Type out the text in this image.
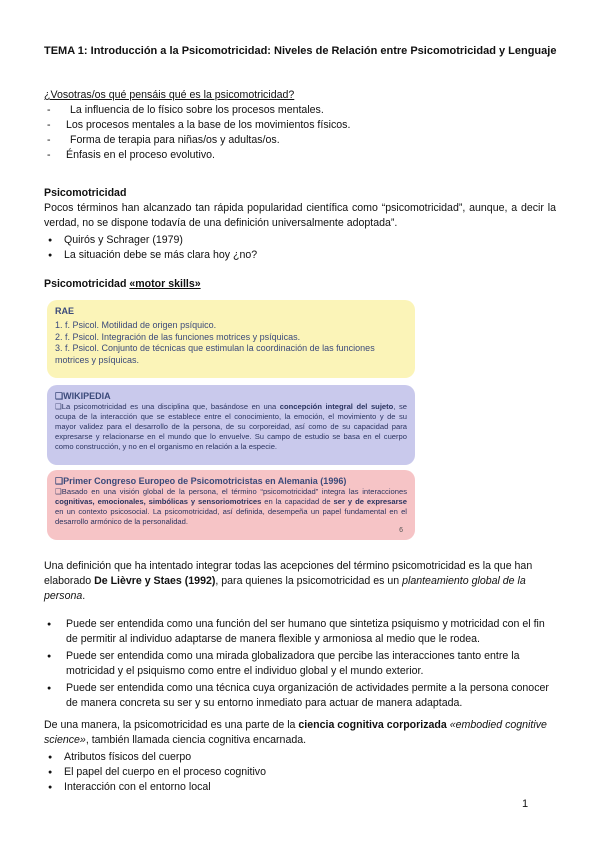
TEMA 1: Introducción a la Psicomotricidad: Niveles de Relación entre Psicomotricidad y Lenguaje
¿Vosotras/os qué pensáis qué es la psicomotricidad?
- La influencia de lo físico sobre los procesos mentales.
- Los procesos mentales a la base de los movimientos físicos.
- Forma de terapia para niñas/os y adultas/os.
- Énfasis en el proceso evolutivo.
Psicomotricidad
Pocos términos han alcanzado tan rápida popularidad científica como “psicomotricidad”, aunque, a decir la verdad, no se dispone todavía de una definición universalmente adoptada”.
● Quirós y Schrager (1979)
● La situación debe se más clara hoy ¿no?
Psicomotricidad «motor skills»
RAE
1. f. Psicol. Motilidad de origen psíquico.
2. f. Psicol. Integración de las funciones motrices y psíquicas.
3. f. Psicol. Conjunto de técnicas que estimulan la coordinación de las funciones motrices y psíquicas.
❑WIKIPEDIA
❑La psicomotricidad es una disciplina que, basándose en una concepción integral del sujeto, se ocupa de la interacción que se establece entre el conocimiento, la emoción, el movimiento y de su mayor validez para el desarrollo de la persona, de su corporeidad, así como de su capacidad para expresarse y relacionarse en el mundo que lo envuelve. Su campo de estudio se basa en el cuerpo como construcción, y no en el organismo en relación a la especie.
❑Primer Congreso Europeo de Psicomotricistas en Alemania (1996)
❑Basado en una visión global de la persona, el término “psicomotricidad” integra las interacciones cognitivas, emocionales, simbólicas y sensoriomotrices en la capacidad de ser y de expresarse en un contexto psicosocial. La psicomotricidad, así definida, desempeña un papel fundamental en el desarrollo armónico de la personalidad.
6
Una definición que ha intentado integrar todas las acepciones del término psicomotricidad es la que han elaborado De Lièvre y Staes (1992), para quienes la psicomotricidad es un planteamiento global de la persona.
● Puede ser entendida como una función del ser humano que sintetiza psiquismo y motricidad con el fin de permitir al individuo adaptarse de manera flexible y armoniosa al medio que le rodea.
● Puede ser entendida como una mirada globalizadora que percibe las interacciones tanto entre la motricidad y el psiquismo como entre el individuo global y el mundo exterior.
● Puede ser entendida como una técnica cuya organización de actividades permite a la persona conocer de manera concreta su ser y su entorno inmediato para actuar de manera adaptada.
De una manera, la psicomotricidad es una parte de la ciencia cognitiva corporizada «embodied cognitive science», también llamada ciencia cognitiva encarnada.
● Atributos físicos del cuerpo
● El papel del cuerpo en el proceso cognitivo
● Interacción con el entorno local
1
